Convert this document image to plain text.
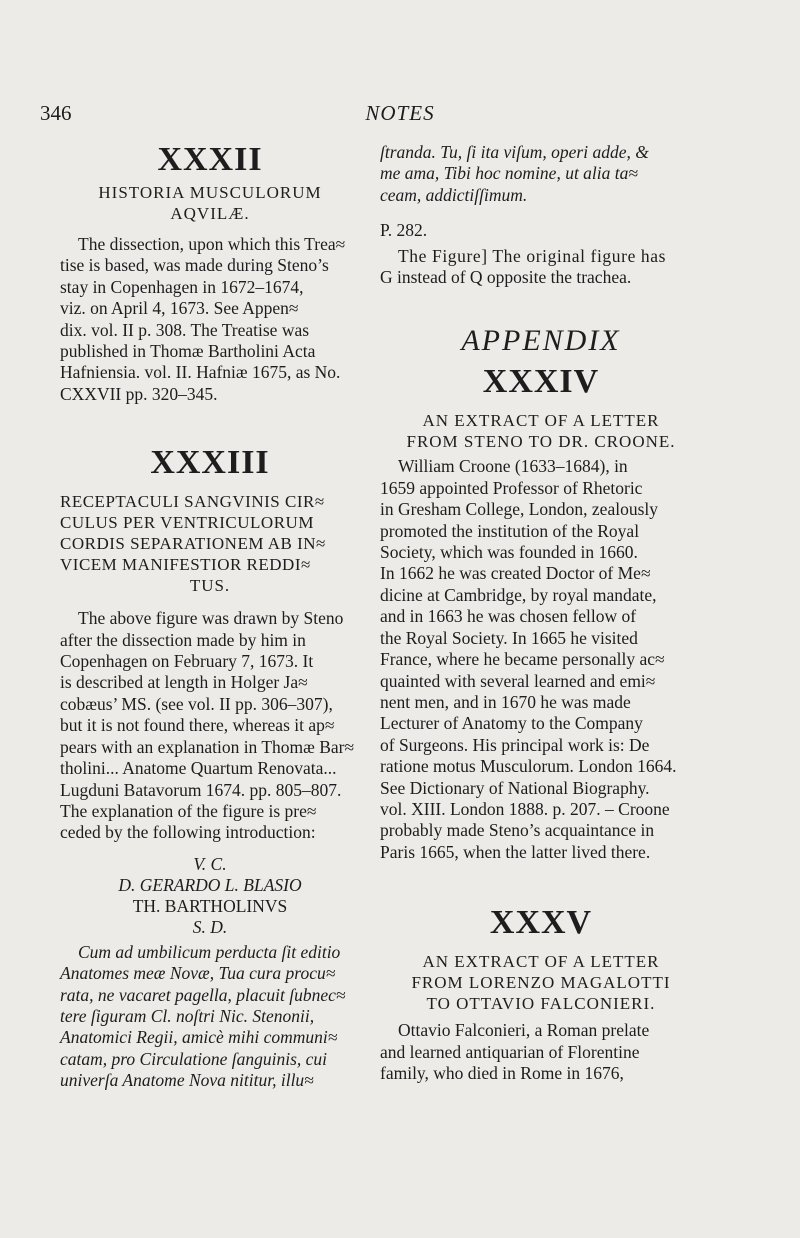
346	NOTES

XXXII

HISTORIA MUSCULORUM

AQVILÆ.

The dissection, upon which this Trea≈

tise is based, was made during Steno’s

stay in Copenhagen in 1672–1674,

viz. on April 4, 1673. See Appen≈

dix. vol. II p. 308. The Treatise was

published in Thomæ Bartholini Acta

Hafniensia. vol. II. Hafniæ 1675, as No.

CXXVII pp. 320–345.

XXXIII

RECEPTACULI SANGVINIS CIR≈

CULUS PER VENTRICULORUM

CORDIS SEPARATIONEM AB IN≈

VICEM MANIFESTIOR REDDI≈

TUS.

The above figure was drawn by Steno

after the dissection made by him in

Copenhagen on February 7, 1673. It

is described at length in Holger Ja≈

cobæus’ MS. (see vol. II pp. 306–307),

but it is not found there, whereas it ap≈

pears with an explanation in Thomæ Bar≈

tholini... Anatome Quartum Renovata...

Lugduni Batavorum 1674. pp. 805–807.

The explanation of the figure is pre≈

ceded by the following introduction:

V. C.

D. GERARDO L. BLASIO

TH. BARTHOLINVS

S. D.

Cum ad umbilicum perducta ſit editio

Anatomes meæ Novæ, Tua cura procu≈

rata, ne vacaret pagella, placuit ſubnec≈

tere ſiguram Cl. noſtri Nic. Stenonii,

Anatomici Regii, amicè mihi communi≈

catam, pro Circulatione ſanguinis, cui

univerſa Anatome Nova nititur, illu≈

ſtranda. Tu, ſi ita viſum, operi adde, &

me ama, Tibi hoc nomine, ut alia ta≈

ceam, addictiſſimum.

P. 282.

The Figure] The original figure has

G instead of Q opposite the trachea.

APPENDIX

XXXIV

AN EXTRACT OF A LETTER

FROM STENO TO DR. CROONE.

William Croone (1633–1684), in

1659 appointed Professor of Rhetoric

in Gresham College, London, zealously

promoted the institution of the Royal

Society, which was founded in 1660.

In 1662 he was created Doctor of Me≈

dicine at Cambridge, by royal mandate,

and in 1663 he was chosen fellow of

the Royal Society. In 1665 he visited

France, where he became personally ac≈

quainted with several learned and emi≈

nent men, and in 1670 he was made

Lecturer of Anatomy to the Company

of Surgeons. His principal work is: De

ratione motus Musculorum. London 1664.

See Dictionary of National Biography.

vol. XIII. London 1888. p. 207. – Croone

probably made Steno’s acquaintance in

Paris 1665, when the latter lived there.

XXXV

AN EXTRACT OF A LETTER

FROM LORENZO MAGALOTTI

TO OTTAVIO FALCONIERI.

Ottavio Falconieri, a Roman prelate

and learned antiquarian of Florentine

family, who died in Rome in 1676,
